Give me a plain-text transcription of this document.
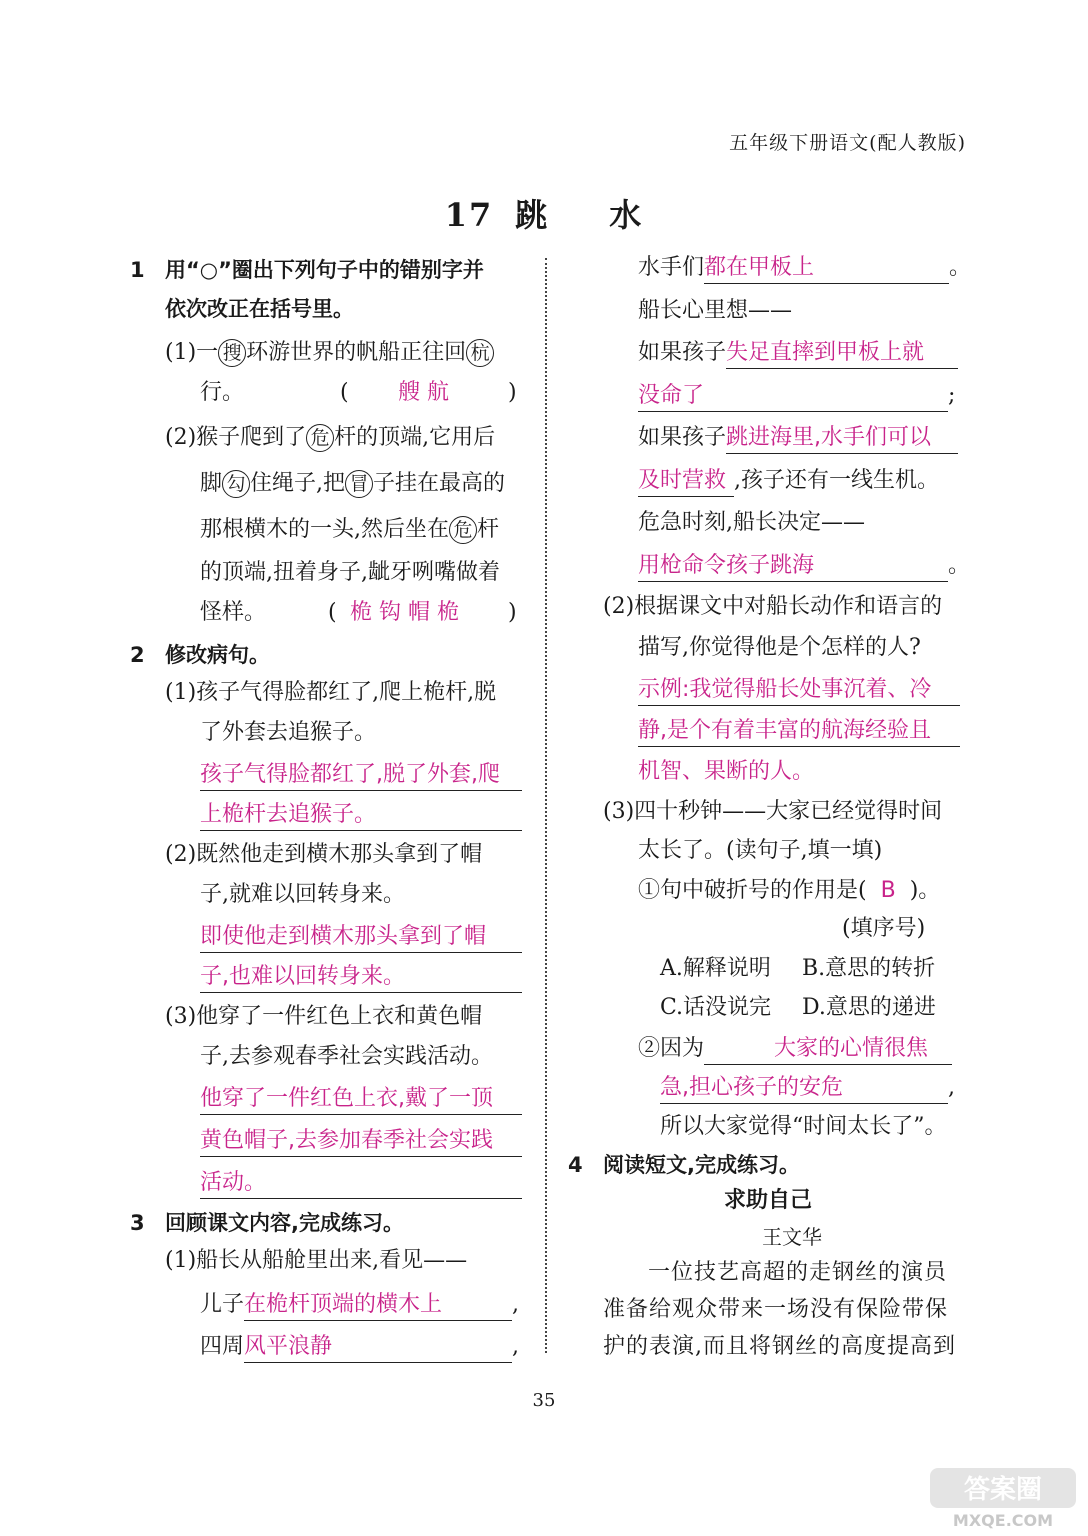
五年级下册语文(配人教版)
17 跳 水
1 用“○”圈出下列句子中的错别字并
依次改正在括号里。
(1)一 搜 环游世界的帆船正往回 杭
行。	( 艘 航	)
(2)猴子爬到了 危 杆的顶端,它用后
脚 勾 住绳子,把 冒 子挂在最高的
那根横木的一头,然后坐在 危 杆
的顶端,扭着身子,龇牙咧嘴做着
怪样。	( 桅 钩 帽 桅 )
2 修改病句。
(1)孩子气得脸都红了,爬上桅杆,脱
了外套去追猴子。
孩子气得脸都红了,脱了外套,爬
上桅杆去追猴子。
(2)既然他走到横木那头拿到了帽
子,就难以回转身来。
即使他走到横木那头拿到了帽
子,也难以回转身来。
(3)他穿了一件红色上衣和黄色帽
子,去参观春季社会实践活动。
他穿了一件红色上衣,戴了一顶
黄色帽子,去参加春季社会实践
活动。
3 回顾课文内容,完成练习。
(1)船长从船舱里出来,看见——
儿子在桅杆顶端的横木上	,
四周风平浪静	,
水手们都在甲板上	。
船长心里想——
如果孩子失足直摔到甲板上就
没命了	;
如果孩子跳进海里,水手们可以
及时营救 ,孩子还有一线生机。
危急时刻,船长决定——
用枪命令孩子跳海	。
(2)根据课文中对船长动作和语言的
描写,你觉得他是个怎样的人?
示例:我觉得船长处事沉着、冷
静,是个有着丰富的航海经验且
机智、果断的人。
(3)四十秒钟——大家已经觉得时间
太长了。(读句子,填一填)
①句中破折号的作用是( B )。
(填序号)
A.解释说明 B.意思的转折
C.话没说完 D.意思的递进
②因为	大家的心情很焦
急,担心孩子的安危	,
所以大家觉得“时间太长了”。
4 阅读短文,完成练习。
求助自己
王文华
一位技艺高超的走钢丝的演员
准备给观众带来一场没有保险带保
护的表演,而且将钢丝的高度提高到
35
答案圈
MXQE.COM
